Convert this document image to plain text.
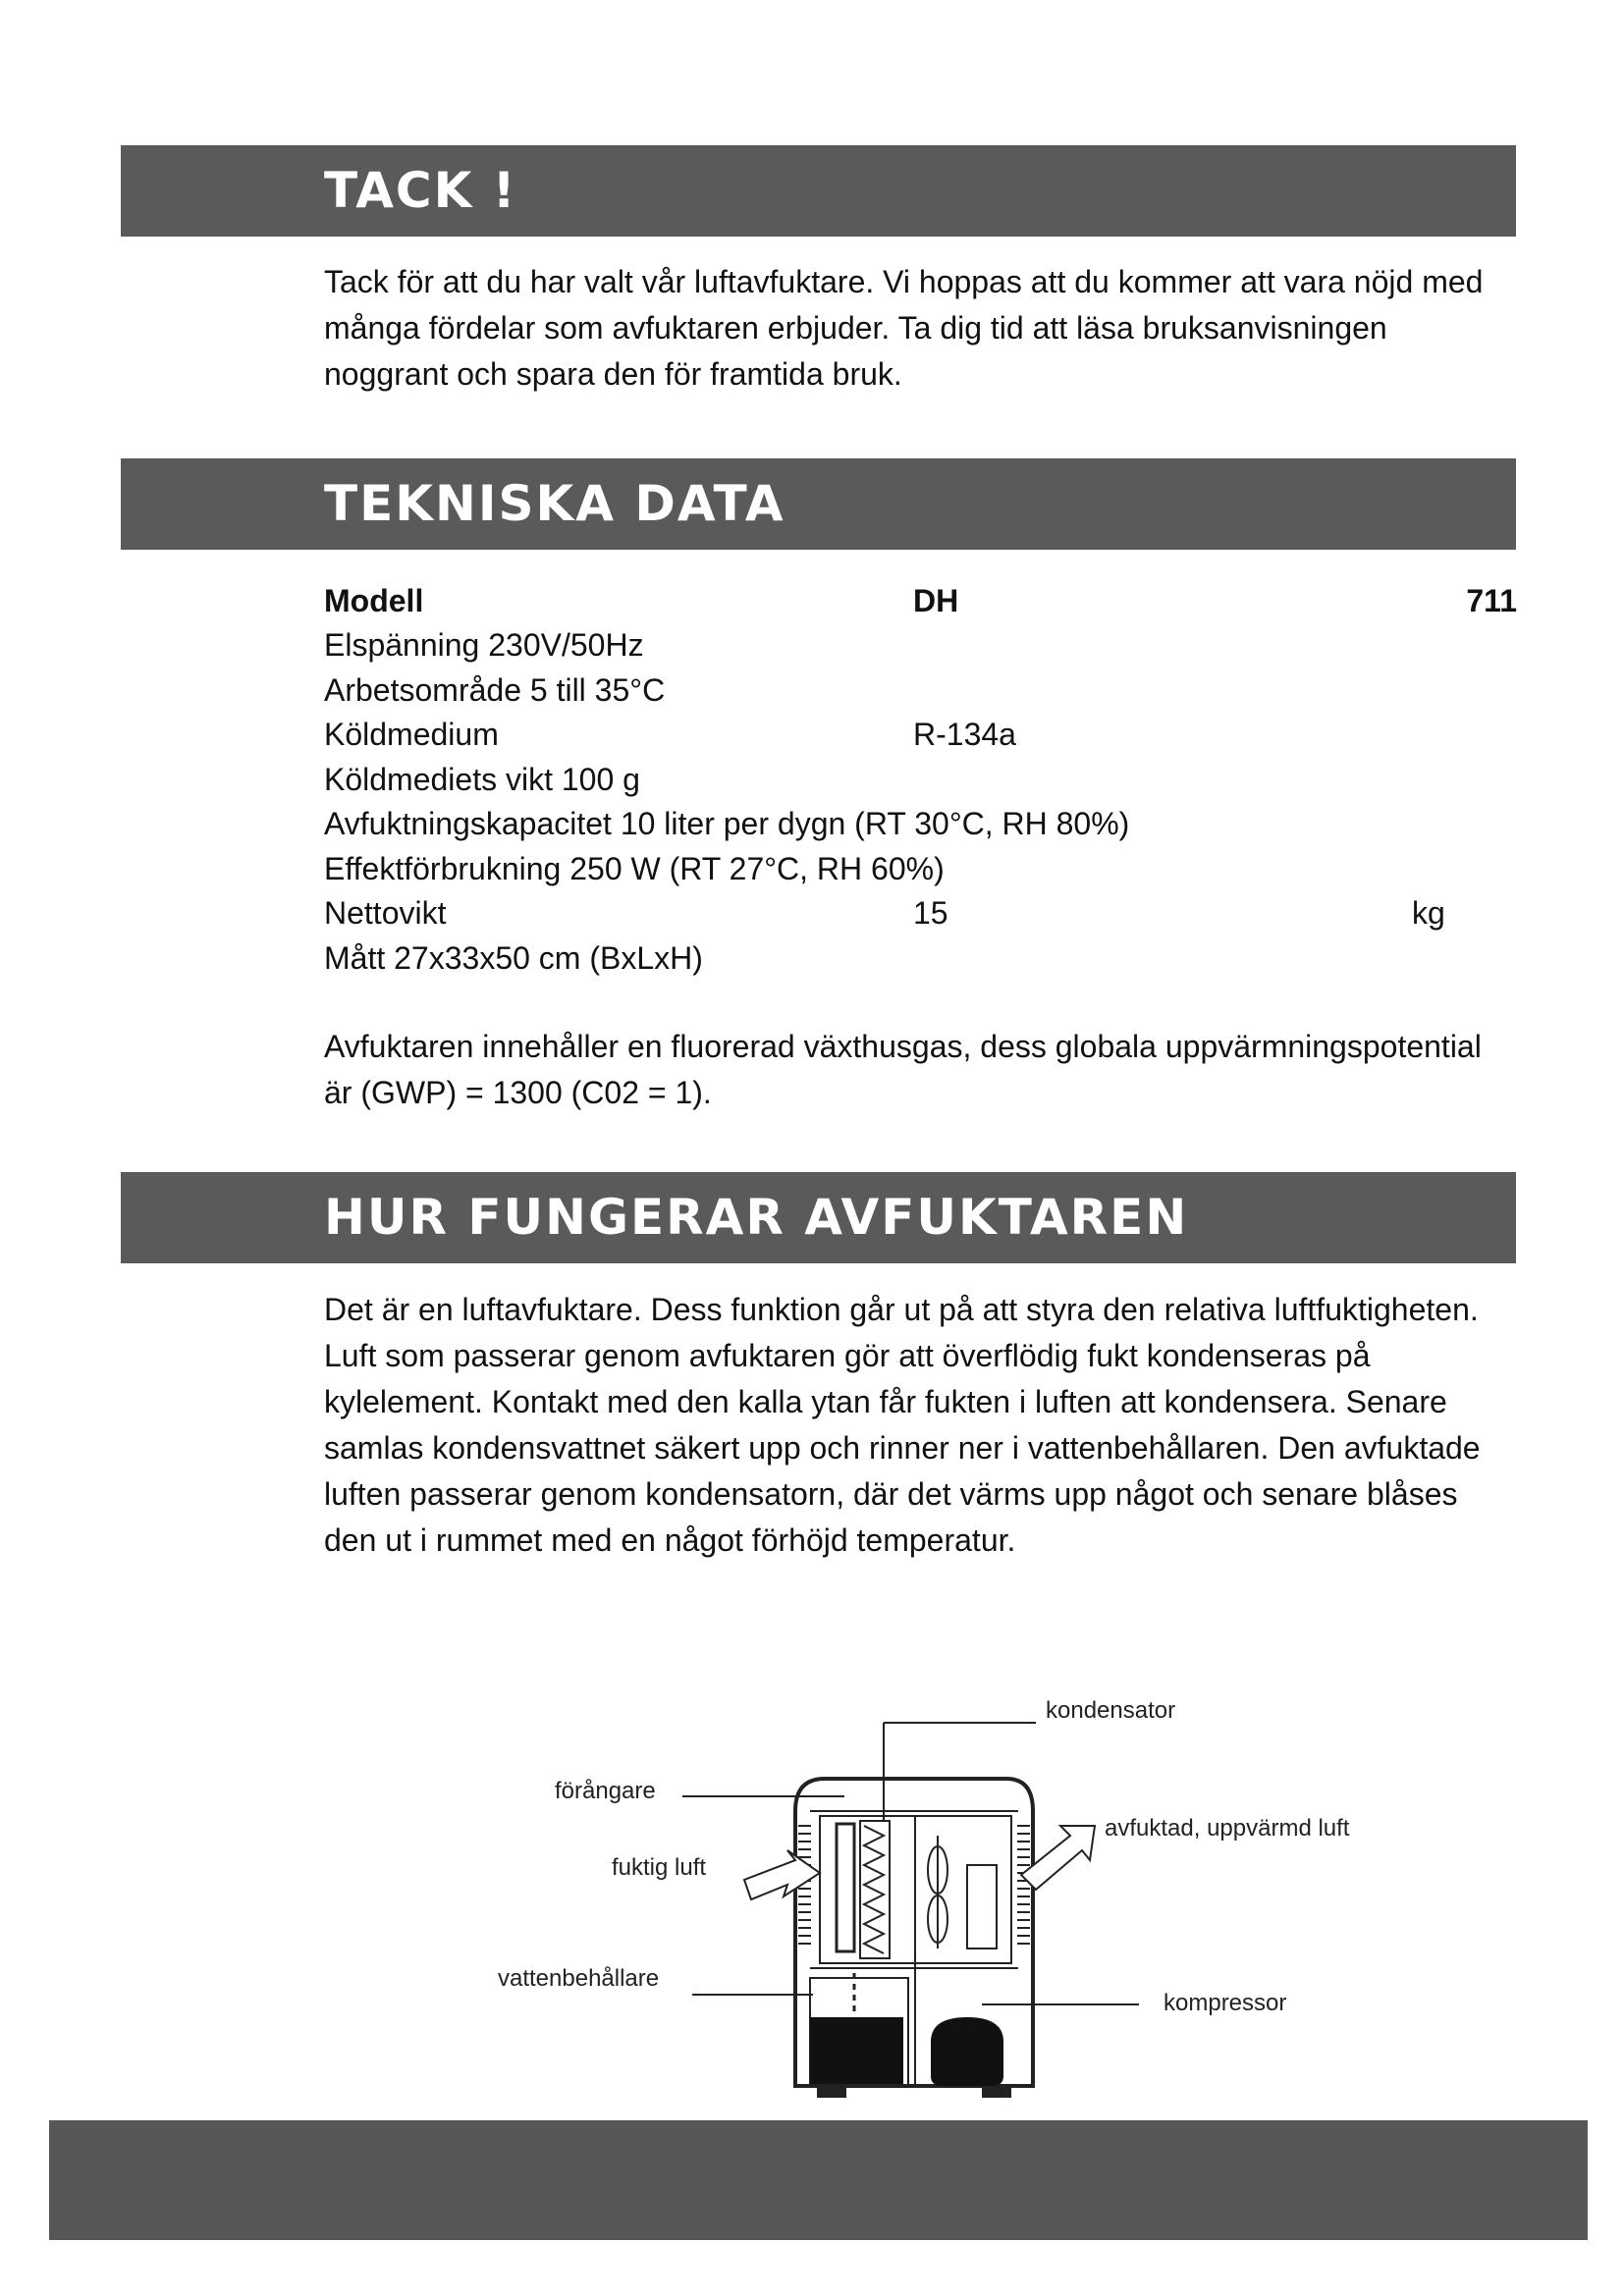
TACK !

Tack för att du har valt vår luftavfuktare. Vi hoppas att du kommer att vara nöjd med många fördelar som avfuktaren erbjuder. Ta dig tid att läsa bruksanvisningen noggrant och spara den för framtida bruk.

TEKNISKA DATA
Modell	DH	711
Elspänning 230V/50Hz
Arbetsområde 5 till 35°C
Köldmedium	R-134a
Köldmediets vikt 100 g
Avfuktningskapacitet 10 liter per dygn (RT 30°C, RH 80%)
Effektförbrukning 250 W (RT 27°C, RH 60%)
Nettovikt	15	kg
Mått 27x33x50 cm (BxLxH)

Avfuktaren innehåller en fluorerad växthusgas, dess globala uppvärmningspotential är (GWP) = 1300 (C02 = 1).

HUR FUNGERAR AVFUKTAREN

Det är en luftavfuktare. Dess funktion går ut på att styra den relativa luftfuktigheten. Luft som passerar genom avfuktaren gör att överflödig fukt kondenseras på kylelement. Kontakt med den kalla ytan får fukten i luften att kondensera. Senare samlas kondensvattnet säkert upp och rinner ner i vattenbehållaren. Den avfuktade luften passerar genom kondensatorn, där det värms upp något och senare blåses den ut i rummet med en något förhöjd temperatur.

kondensator
förångare
fuktig luft
avfuktad, uppvärmd luft
vattenbehållare
kompressor
